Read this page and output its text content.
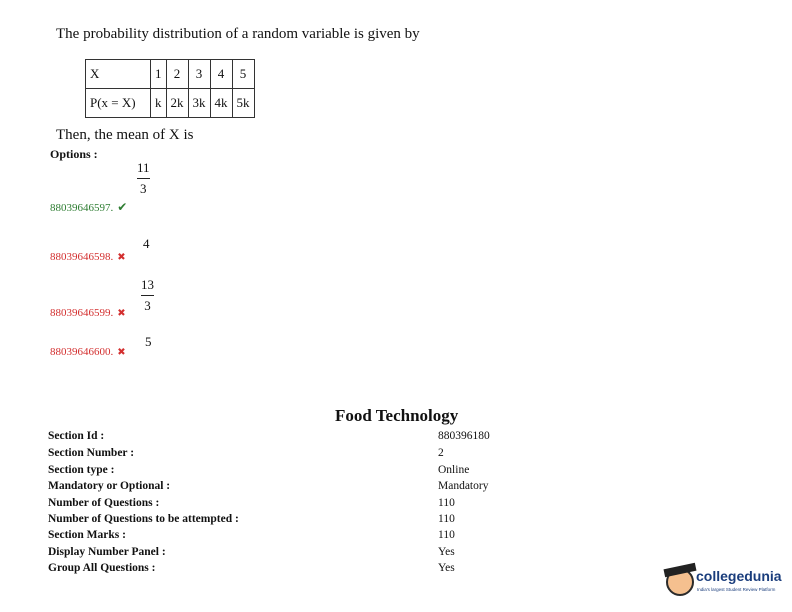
The probability distribution of a random variable is given by
X	1	2	3	4	5
P(x = X)	k	2k	3k	4k	5k
Then, the mean of X is
Options :
88039646597. ✔
11
3
88039646598. ✖
4
88039646599. ✖
13
3
88039646600. ✖
5
Food Technology
Section Id :	880396180
Section Number :	2
Section type :	Online
Mandatory or Optional :	Mandatory
Number of Questions :	110
Number of Questions to be attempted :	110
Section Marks :	110
Display Number Panel :	Yes
Group All Questions :	Yes	collegedunia
India's largest Student Review Platform
